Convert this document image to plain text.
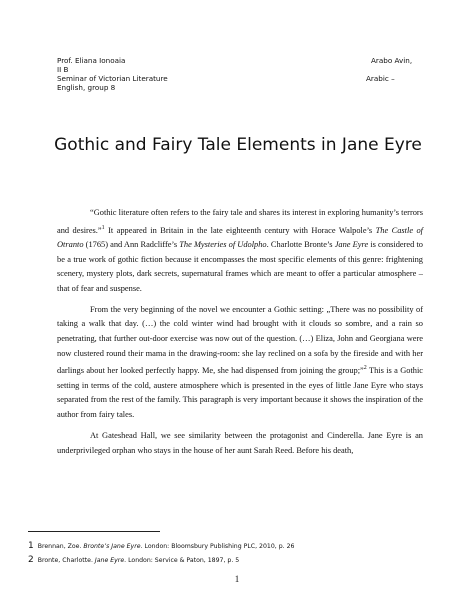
Prof. Eliana Ionoaia	Arabo Avin,
II B
Seminar of Victorian Literature	Arabic –
English, group 8
Gothic and Fairy Tale Elements in Jane Eyre

“Gothic literature often refers to the fairy tale and shares its interest in exploring humanity’s terrors and desires.”$^1$ It appeared in Britain in the late eighteenth century with Horace Walpole’s The Castle of Otranto (1765) and Ann Radcliffe’s The Mysteries of Udolpho. Charlotte Bronte’s Jane Eyre is considered to be a true work of gothic fiction because it encompasses the most specific elements of this genre: frightening scenery, mystery plots, dark secrets, supernatural frames which are meant to offer a particular atmosphere – that of fear and suspense.

From the very beginning of the novel we encounter a Gothic setting: „There was no possibility of taking a walk that day. (…) the cold winter wind had brought with it clouds so sombre, and a rain so penetrating, that further out-door exercise was now out of the question. (…) Eliza, John and Georgiana were now clustered round their mama in the drawing-room: she lay reclined on a sofa by the fireside and with her darlings about her looked perfectly happy. Me, she had dispensed from joining the group;”$^2$ This is a Gothic setting in terms of the cold, austere atmosphere which is presented in the eyes of little Jane Eyre who stays separated from the rest of the family. This paragraph is very important because it shows the inspiration of the author from fairy tales.

At Gateshead Hall, we see similarity between the protagonist and Cinderella. Jane Eyre is an underprivileged orphan who stays in the house of her aunt Sarah Reed. Before his death,

1 Brennan, Zoe. Bronte’s Jane Eyre. London: Bloomsbury Publishing PLC, 2010, p. 26
2 Bronte, Charlotte. Jane Eyre. London: Service & Paton, 1897, p. 5
1
